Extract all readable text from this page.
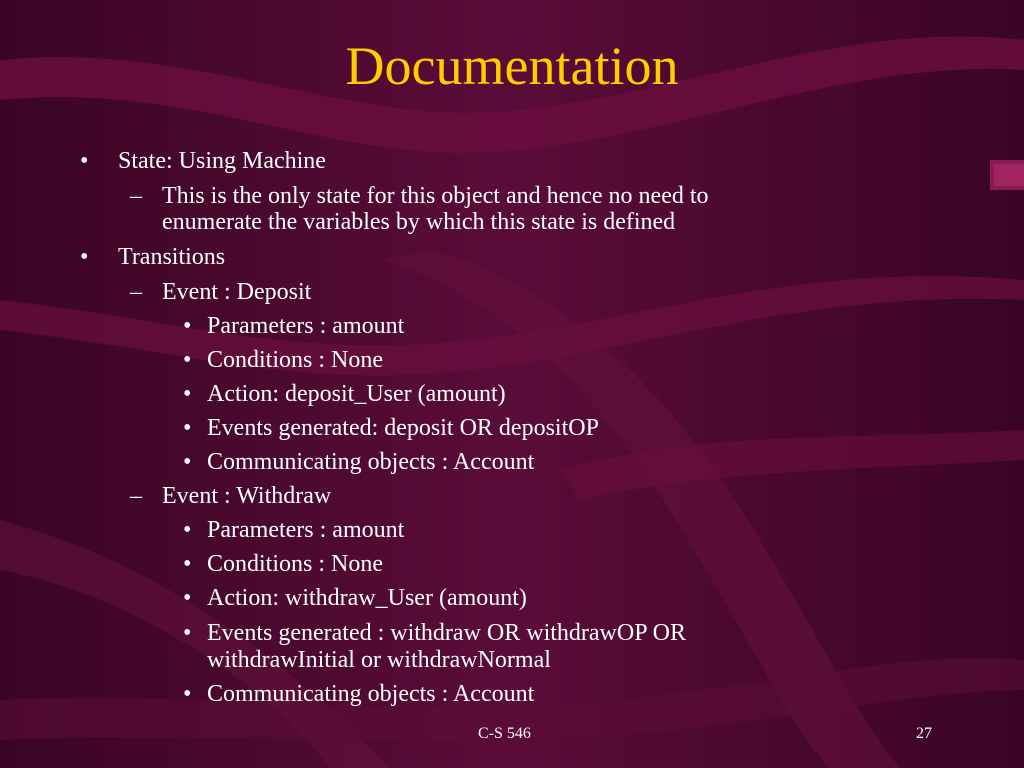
Documentation
• State: Using Machine
– This is the only state for this object and hence no need to
enumerate the variables by which this state is defined
• Transitions
– Event : Deposit
• Parameters : amount
• Conditions : None
• Action: deposit_User (amount)
• Events generated: deposit OR depositOP
• Communicating objects : Account
– Event : Withdraw
• Parameters : amount
• Conditions : None
• Action: withdraw_User (amount)
• Events generated : withdraw OR withdrawOP OR
withdrawInitial or withdrawNormal
• Communicating objects : Account
C-S 546	27
